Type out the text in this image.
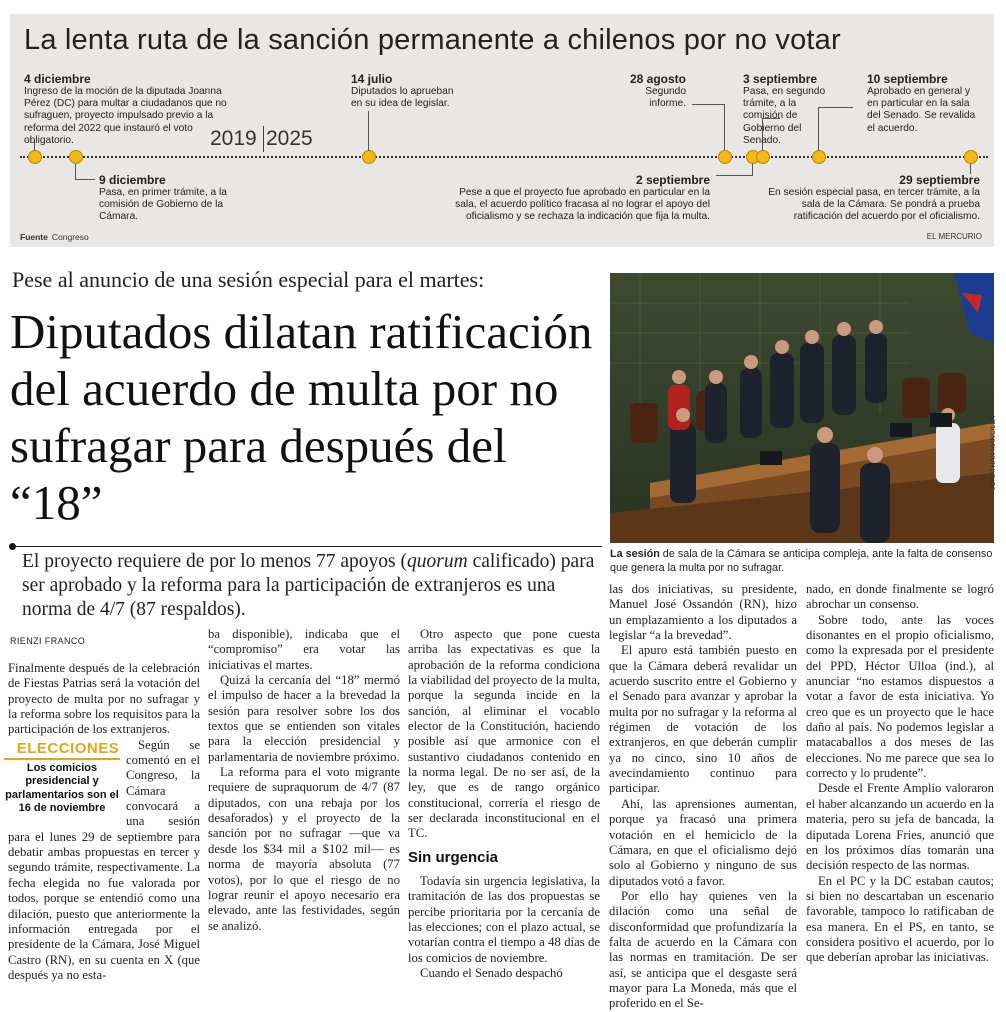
La lenta ruta de la sanción permanente a chilenos por no votar
2019 2025
4 diciembre
Ingreso de la moción de la diputada Joanna Pérez (DC) para multar a ciudadanos que no sufraguen, proyecto impulsado previo a la reforma del 2022 que instauró el voto obligatorio.
14 julio
Diputados lo aprueban en su idea de legislar.
28 agosto
Segundo informe.
3 septiembre
Pasa, en segundo trámite, a la comisión de Gobierno del Senado.
10 septiembre
Aprobado en general y en particular en la sala del Senado. Se revalida el acuerdo.
9 diciembre
Pasa, en primer trámite, a la comisión de Gobierno de la Cámara.
2 septiembre
Pese a que el proyecto fue aprobado en particular en la sala, el acuerdo político fracasa al no lograr el apoyo del oficialismo y se rechaza la indicación que fija la multa.
29 septiembre
En sesión especial pasa, en tercer trámite, a la sala de la Cámara. Se pondrá a prueba ratificación del acuerdo por el oficialismo.
Fuente Congreso	EL MERCURIO
Pese al anuncio de una sesión especial para el martes:
Diputados dilatan ratificación del acuerdo de multa por no sufragar para después del “18”

El proyecto requiere de por lo menos 77 apoyos (quorum calificado) para ser aprobado y la reforma para la participación de extranjeros es una norma de 4/7 (87 respaldos).

JONATHAN MANCILLA

La sesión de sala de la Cámara se anticipa compleja, ante la falta de consenso que genera la multa por no sufragar.

RIENZI FRANCO

Finalmente después de la celebración de Fiestas Patrias será la votación del proyecto de multa por no sufragar y la reforma sobre los requisitos para la participación de los extranjeros.

ELECCIONES
Los comicios presidencial y parlamentarios son el 16 de noviembre
Según se comentó en el Congreso, la Cámara convocará a una sesión para el lunes 29 de septiembre para debatir ambas propuestas en tercer y segundo trámite, respectivamente. La fecha elegida no fue valorada por todos, porque se entendió como una dilación, puesto que anteriormente la información entregada por el presidente de la Cámara, José Miguel Castro (RN), en su cuenta en X (que después ya no esta-

ba disponible), indicaba que el “compromiso” era votar las iniciativas el martes.

Quizá la cercanía del “18” mermó el impulso de hacer a la brevedad la sesión para resolver sobre los dos textos que se entienden son vitales para la elección presidencial y parlamentaria de noviembre próximo.

La reforma para el voto migrante requiere de supraquorum de 4/7 (87 diputados, con una rebaja por los desaforados) y el proyecto de la sanción por no sufragar —que va desde los $34 mil a $102 mil— es norma de mayoría absoluta (77 votos), por lo que el riesgo de no lograr reunir el apoyo necesario era elevado, ante las festividades, según se analizó.

Otro aspecto que pone cuesta arriba las expectativas es que la aprobación de la reforma condiciona la viabilidad del proyecto de la multa, porque la segunda incide en la sanción, al eliminar el vocablo elector de la Constitución, haciendo posible así que armonice con el sustantivo ciudadanos contenido en la norma legal. De no ser así, de la ley, que es de rango orgánico constitucional, correría el riesgo de ser declarada inconstitucional en el TC.

Sin urgencia

Todavía sin urgencia legislativa, la tramitación de las dos propuestas se percibe prioritaria por la cercanía de las elecciones; con el plazo actual, se votarían contra el tiempo a 48 días de los comicios de noviembre.

Cuando el Senado despachó

las dos iniciativas, su presidente, Manuel José Ossandón (RN), hizo un emplazamiento a los diputados a legislar “a la brevedad”.

El apuro está también puesto en que la Cámara deberá revalidar un acuerdo suscrito entre el Gobierno y el Senado para avanzar y aprobar la multa por no sufragar y la reforma al régimen de votación de los extranjeros, en que deberán cumplir ya no cinco, sino 10 años de avecindamiento continuo para participar.

Ahí, las aprensiones aumentan, porque ya fracasó una primera votación en el hemiciclo de la Cámara, en que el oficialismo dejó solo al Gobierno y ninguno de sus diputados votó a favor.

Por ello hay quienes ven la dilación como una señal de disconformidad que profundizaría la falta de acuerdo en la Cámara con las normas en tramitación. De ser así, se anticipa que el desgaste será mayor para La Moneda, más que el proferido en el Se-

nado, en donde finalmente se logró abrochar un consenso.

Sobre todo, ante las voces disonantes en el propio oficialismo, como la expresada por el presidente del PPD, Héctor Ulloa (ind.), al anunciar “no estamos dispuestos a votar a favor de esta iniciativa. Yo creo que es un proyecto que le hace daño al país. No podemos legislar a matacaballos a dos meses de las elecciones. No me parece que sea lo correcto y lo prudente”.

Desde el Frente Amplio valoraron el haber alcanzando un acuerdo en la materia, pero su jefa de bancada, la diputada Lorena Fries, anunció que en los próximos días tomarán una decisión respecto de las normas.

En el PC y la DC estaban cautos; si bien no descartaban un escenario favorable, tampoco lo ratificaban de esa manera. En el PS, en tanto, se considera positivo el acuerdo, por lo que deberían aprobar las iniciativas.
